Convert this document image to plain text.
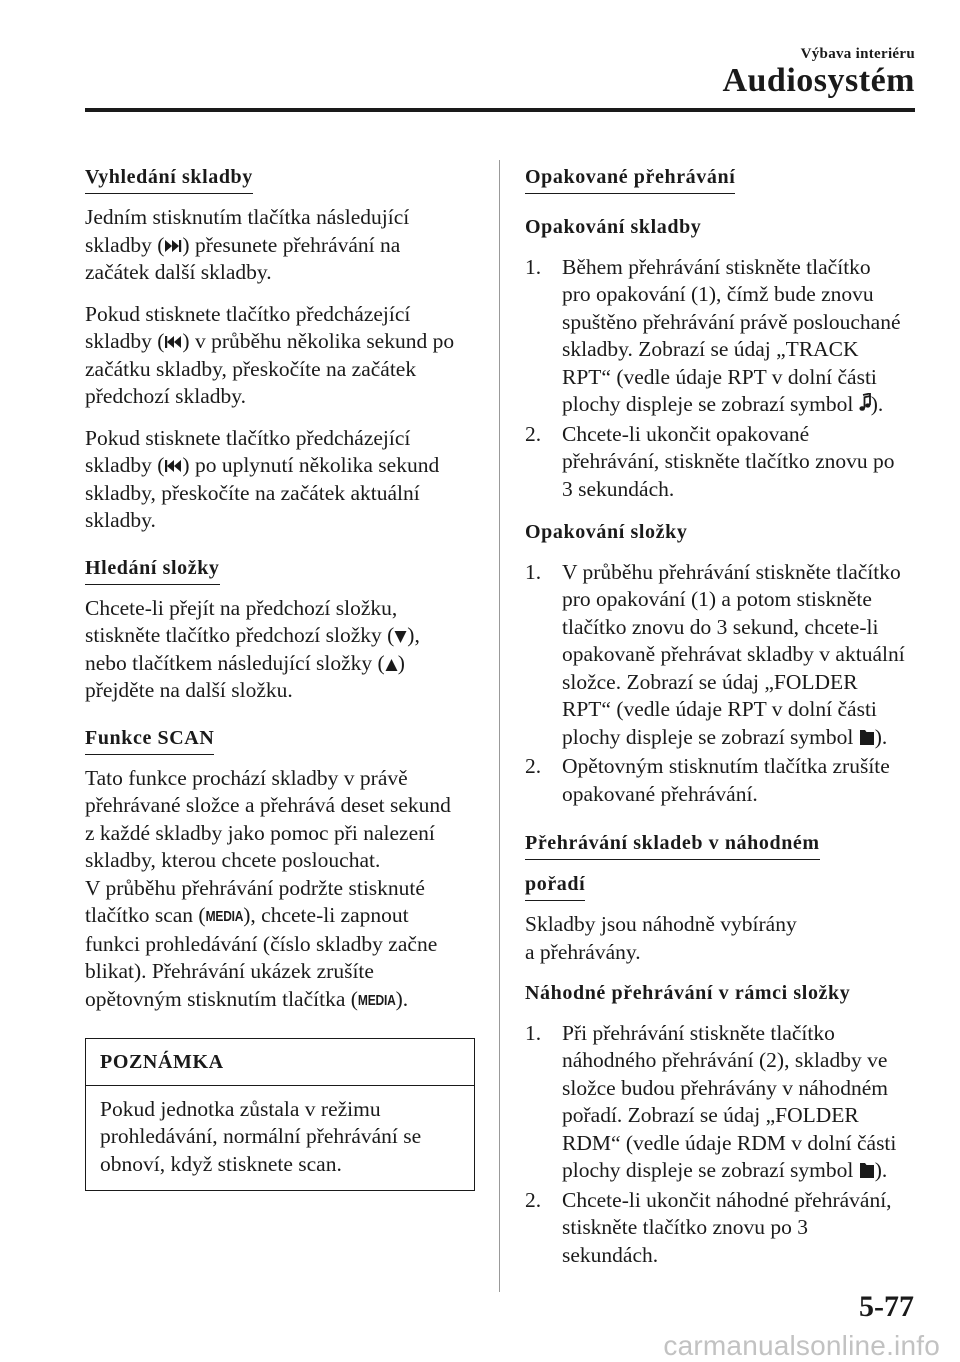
Výbava interiéru
Audiosystém
Vyhledání skladby

Jedním stisknutím tlačítka následující
skladby ( ) přesunete přehrávání na
začátek další skladby.

Pokud stisknete tlačítko předcházející
skladby ( ) v průběhu několika sekund po
začátku skladby, přeskočíte na začátek
předchozí skladby.

Pokud stisknete tlačítko předcházející
skladby ( ) po uplynutí několika sekund
skladby, přeskočíte na začátek aktuální
skladby.

Hledání složky

Chcete-li přejít na předchozí složku,
stiskněte tlačítko předchozí složky ( ),
nebo tlačítkem následující složky ( )
přejděte na další složku.

Funkce SCAN

Tato funkce prochází skladby v právě
přehrávané složce a přehrává deset sekund
z každé skladby jako pomoc při nalezení
skladby, kterou chcete poslouchat.
V průběhu přehrávání podržte stisknuté
tlačítko scan (MEDIA), chcete-li zapnout
funkci prohledávání (číslo skladby začne
blikat). Přehrávání ukázek zrušíte
opětovným stisknutím tlačítka (MEDIA).

POZNÁMKA
Pokud jednotka zůstala v režimu
prohledávání, normální přehrávání se
obnoví, když stisknete scan.
Opakované přehrávání
Opakování skladby
1. Během přehrávání stiskněte tlačítko
pro opakování (1), čímž bude znovu
spuštěno přehrávání právě poslouchané
skladby. Zobrazí se údaj „TRACK
RPT“ (vedle údaje RPT v dolní části
plochy displeje se zobrazí symbol ).
2. Chcete-li ukončit opakované
přehrávání, stiskněte tlačítko znovu po
3 sekundách.
Opakování složky
1. V průběhu přehrávání stiskněte tlačítko
pro opakování (1) a potom stiskněte
tlačítko znovu do 3 sekund, chcete-li
opakovaně přehrávat skladby v aktuální
složce. Zobrazí se údaj „FOLDER
RPT“ (vedle údaje RPT v dolní části
plochy displeje se zobrazí symbol ).
2. Opětovným stisknutím tlačítka zrušíte
opakované přehrávání.
Přehrávání skladeb v náhodném

pořadí

Skladby jsou náhodně vybírány
a přehrávány.

Náhodné přehrávání v rámci složky
1. Při přehrávání stiskněte tlačítko
náhodného přehrávání (2), skladby ve
složce budou přehrávány v náhodném
pořadí. Zobrazí se údaj „FOLDER
RDM“ (vedle údaje RDM v dolní části
plochy displeje se zobrazí symbol ).
2. Chcete-li ukončit náhodné přehrávání,
stiskněte tlačítko znovu po 3
sekundách.
5-77
carmanualsonline.info
